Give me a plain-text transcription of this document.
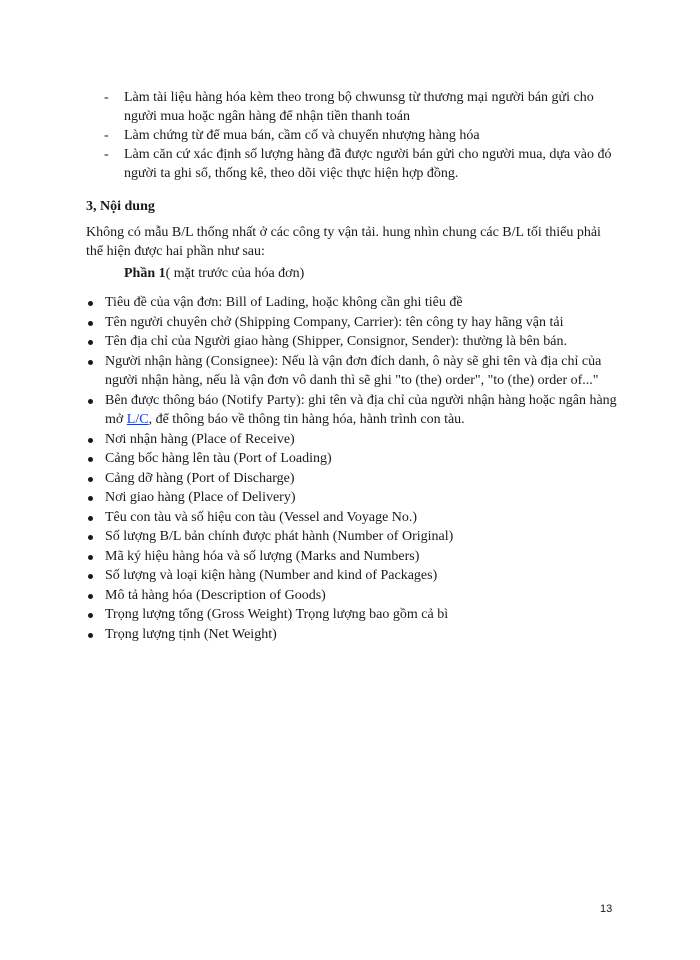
- Làm tài liệu hàng hóa kèm theo trong bộ chwunsg từ thương mại người bán gửi cho người mua hoặc ngân hàng để nhận tiền thanh toán
- Làm chứng từ để mua bán, cầm cố và chuyển nhượng hàng hóa
- Làm căn cứ xác định số lượng hàng đã được người bán gửi cho người mua, dựa vào đó người ta ghi sổ, thống kê, theo dõi việc thực hiện hợp đồng.
3, Nội dung
Không có mẫu B/L thống nhất ở các công ty vận tải. hung nhìn chung các B/L tối thiểu phải thể hiện được hai phần như sau:
Phần 1( mặt trước của hóa đơn)
Tiêu đề của vận đơn: Bill of Lading, hoặc không cần ghi tiêu đề
Tên người chuyên chở (Shipping Company, Carrier): tên công ty hay hãng vận tải
Tên địa chỉ của Người giao hàng (Shipper, Consignor, Sender): thường là bên bán.
Người nhận hàng (Consignee): Nếu là vận đơn đích danh, ô này sẽ ghi tên và địa chỉ của người nhận hàng, nếu là vận đơn vô danh thì sẽ ghi "to (the) order", "to (the) order of..."
Bên được thông báo (Notify Party): ghi tên và địa chỉ của người nhận hàng hoặc ngân hàng mở L/C, để thông báo về thông tin hàng hóa, hành trình con tàu.
Nơi nhận hàng (Place of Receive)
Cảng bốc hàng lên tàu (Port of Loading)
Cảng dỡ hàng (Port of Discharge)
Nơi giao hàng (Place of Delivery)
Têu con tàu và số hiệu con tàu (Vessel and Voyage No.)
Số lượng B/L bản chính được phát hành (Number of Original)
Mã ký hiệu hàng hóa và số lượng (Marks and Numbers)
Số lượng và loại kiện hàng (Number and kind of Packages)
Mô tả hàng hóa (Description of Goods)
Trọng lượng tổng (Gross Weight) Trọng lượng bao gồm cả bì
Trọng lượng tịnh (Net Weight)
13
